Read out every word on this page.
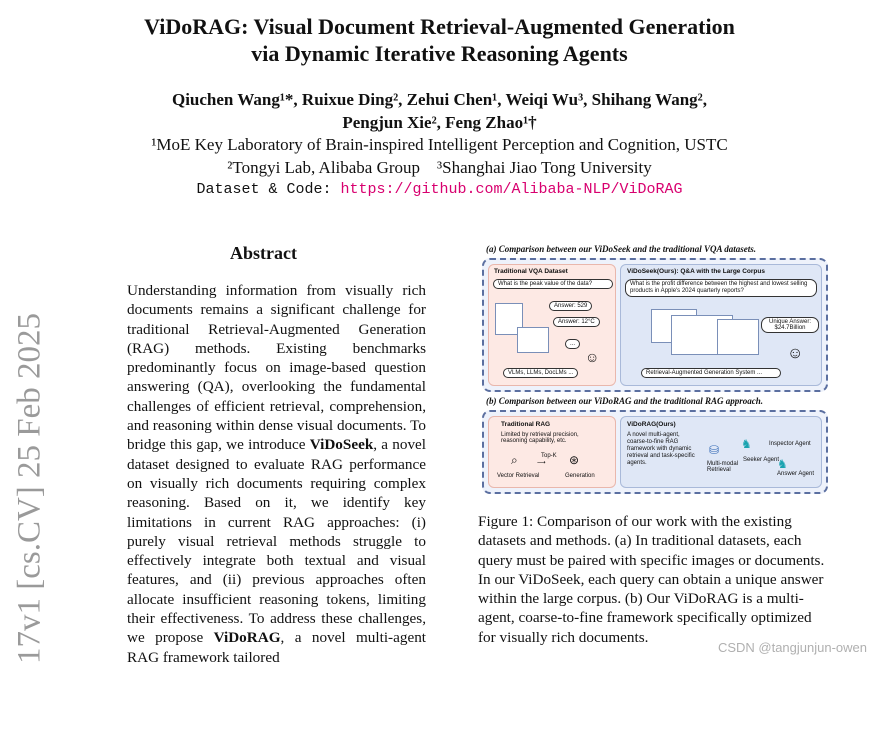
ViDoRAG: Visual Document Retrieval-Augmented Generation
via Dynamic Iterative Reasoning Agents
Qiuchen Wang¹*, Ruixue Ding², Zehui Chen¹, Weiqi Wu³, Shihang Wang²,
Pengjun Xie², Feng Zhao¹†
¹MoE Key Laboratory of Brain-inspired Intelligent Perception and Cognition, USTC
²Tongyi Lab, Alibaba Group    ³Shanghai Jiao Tong University
Dataset & Code: https://github.com/Alibaba-NLP/ViDoRAG
17v1 [cs.CV] 25 Feb 2025
Abstract
Understanding information from visually rich documents remains a significant challenge for traditional Retrieval-Augmented Generation (RAG) methods. Existing benchmarks predominantly focus on image-based question answering (QA), overlooking the fundamental challenges of efficient retrieval, comprehension, and reasoning within dense visual documents. To bridge this gap, we introduce ViDoSeek, a novel dataset designed to evaluate RAG performance on visually rich documents requiring complex reasoning. Based on it, we identify key limitations in current RAG approaches: (i) purely visual retrieval methods struggle to effectively integrate both textual and visual features, and (ii) previous approaches often allocate insufficient reasoning tokens, limiting their effectiveness. To address these challenges, we propose ViDoRAG, a novel multi-agent RAG framework tailored
(a) Comparison between our ViDoSeek and the traditional VQA datasets.
Traditional VQA Dataset
What is the peak value of the data?
Answer: 529
Answer: 12°C
...
☺
VLMs, LLMs, DocLMs ...
ViDoSeek(Ours): Q&A with the Large Corpus
What is the profit difference between the highest and lowest selling products in Apple's 2024 quarterly reports?
Unique Answer: $24.7Billion
☺
Retrieval-Augmented Generation System ...
(b) Comparison between our ViDoRAG and the traditional RAG approach.
Traditional RAG
Limited by retrieval precision, reasoning capability, etc.
⌕	Top-K
⟶ ⊛
Vector Retrieval	Generation
ViDoRAG(Ours)
A novel multi-agent, coarse-to-fine RAG framework with dynamic retrieval and task-specific agents.
⛁ ♞	Inspector Agent
Seeker Agent
♞
Multi-modal Retrieval
Answer Agent
Figure 1: Comparison of our work with the existing datasets and methods. (a) In traditional datasets, each query must be paired with specific images or documents. In our ViDoSeek, each query can obtain a unique answer within the large corpus. (b) Our ViDoRAG is a multi-agent, coarse-to-fine framework specifically optimized for visually rich documents.
CSDN @tangjunjun-owen
